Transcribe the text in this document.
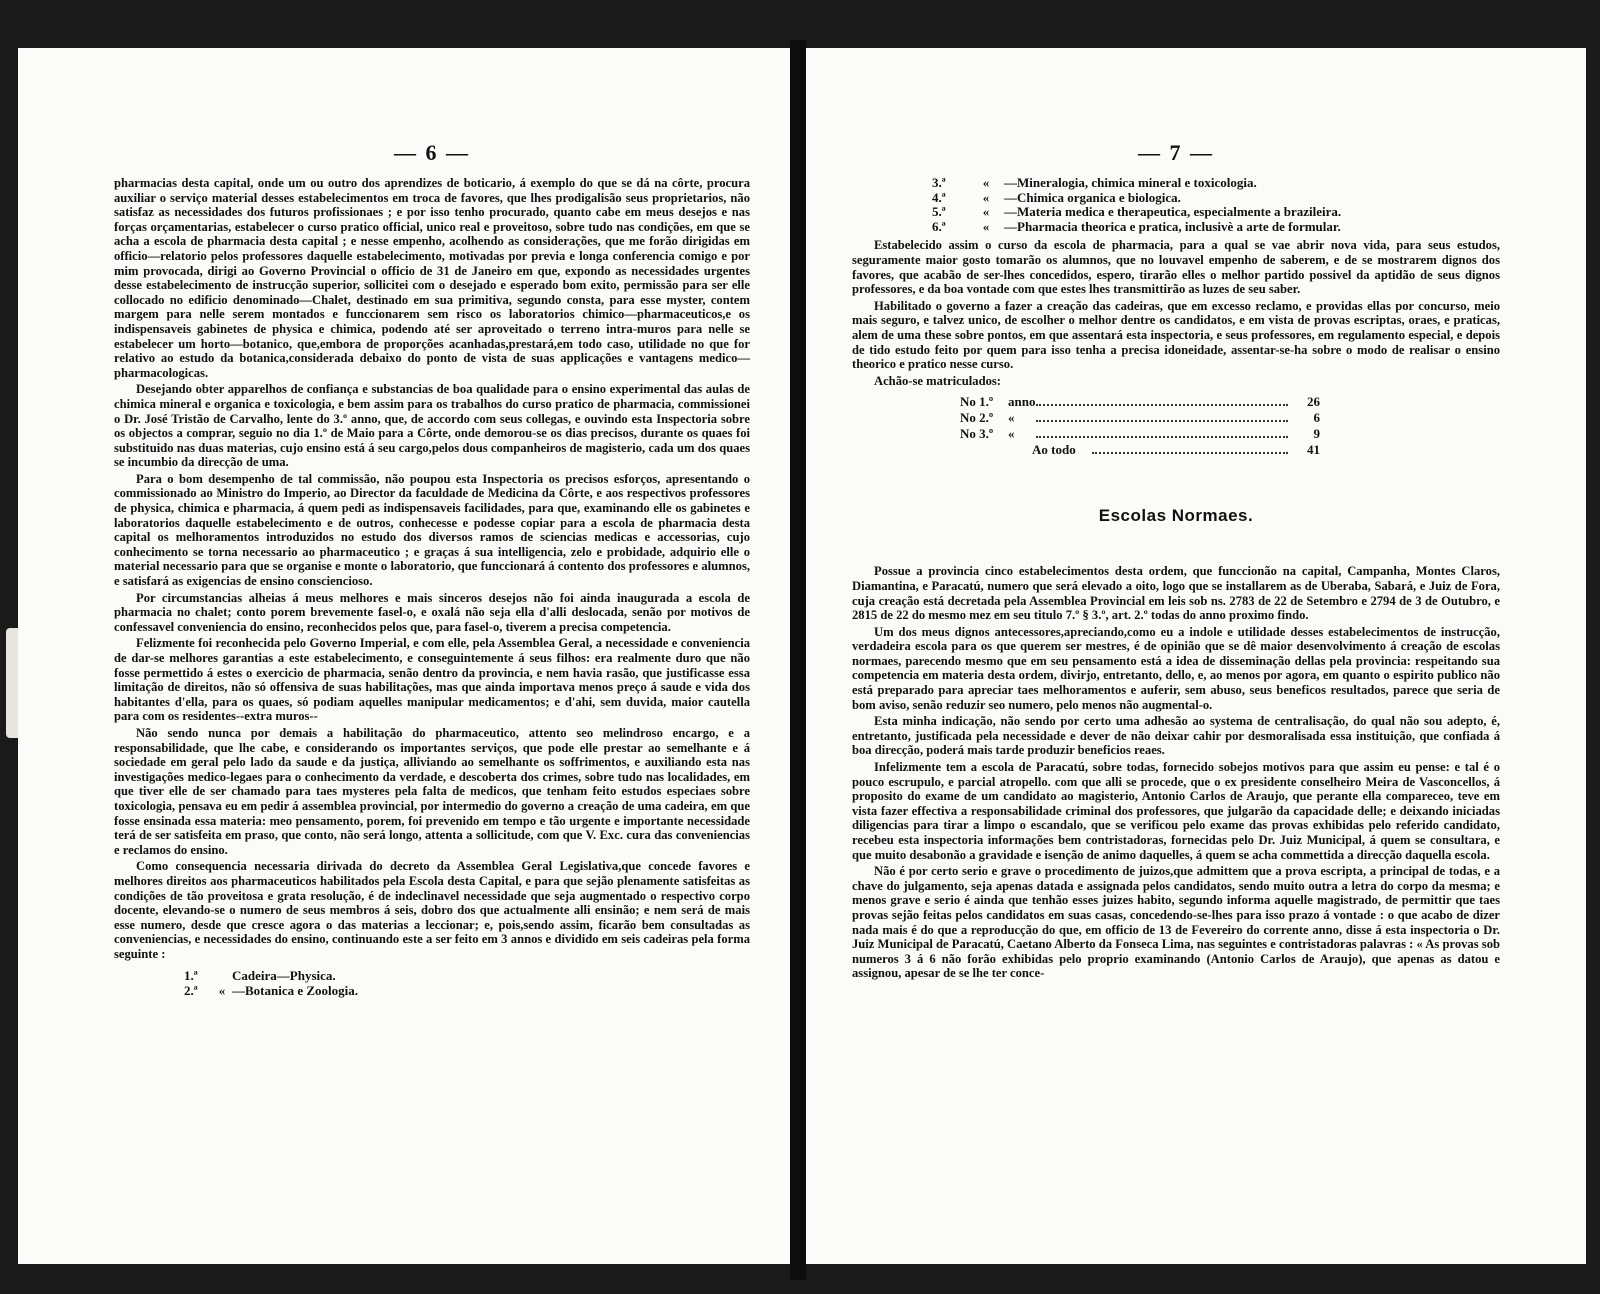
— 6 —

pharmacias desta capital, onde um ou outro dos aprendizes de boticario, á exemplo do que se dá na côrte, procura auxiliar o serviço material desses estabelecimentos em troca de favores, que lhes prodigalisão seus proprietarios, não satisfaz as necessidades dos futuros profissionaes ; e por isso tenho procurado, quanto cabe em meus desejos e nas forças orçamentarias, estabelecer o curso pratico official, unico real e proveitoso, sobre tudo nas condições, em que se acha a escola de pharmacia desta capital ; e nesse empenho, acolhendo as considerações, que me forão dirigidas em officio—relatorio pelos professores daquelle estabelecimento, motivadas por previa e longa conferencia comigo e por mim provocada, dirigi ao Governo Provincial o officio de 31 de Janeiro em que, expondo as necessidades urgentes desse estabelecimento de instrucção superior, sollicitei com o desejado e esperado bom exito, permissão para ser elle collocado no edificio denominado—Chalet, destinado em sua primitiva, segundo consta, para esse myster, contem margem para nelle serem montados e funccionarem sem risco os laboratorios chimico—pharmaceuticos,e os indispensaveis gabinetes de physica e chimica, podendo até ser aproveitado o terreno intra-muros para nelle se estabelecer um horto—botanico, que,embora de proporções acanhadas,prestará,em todo caso, utilidade no que for relativo ao estudo da botanica,considerada debaixo do ponto de vista de suas applicações e vantagens medico—pharmacologicas.

Desejando obter apparelhos de confiança e substancias de boa qualidade para o ensino experimental das aulas de chimica mineral e organica e toxicologia, e bem assim para os trabalhos do curso pratico de pharmacia, commissionei o Dr. José Tristão de Carvalho, lente do 3.º anno, que, de accordo com seus collegas, e ouvindo esta Inspectoria sobre os objectos a comprar, seguio no dia 1.º de Maio para a Côrte, onde demorou-se os dias precisos, durante os quaes foi substituido nas duas materias, cujo ensino está á seu cargo,pelos dous companheiros de magisterio, cada um dos quaes se incumbio da direcção de uma.

Para o bom desempenho de tal commissão, não poupou esta Inspectoria os precisos esforços, apresentando o commissionado ao Ministro do Imperio, ao Director da faculdade de Medicina da Côrte, e aos respectivos professores de physica, chimica e pharmacia, á quem pedi as indispensaveis facilidades, para que, examinando elle os gabinetes e laboratorios daquelle estabelecimento e de outros, conhecesse e podesse copiar para a escola de pharmacia desta capital os melhoramentos introduzidos no estudo dos diversos ramos de sciencias medicas e accessorias, cujo conhecimento se torna necessario ao pharmaceutico ; e graças á sua intelligencia, zelo e probidade, adquirio elle o material necessario para que se organise e monte o laboratorio, que funccionará á contento dos professores e alumnos, e satisfará as exigencias de ensino consciencioso.

Por circumstancias alheias á meus melhores e mais sinceros desejos não foi ainda inaugurada a escola de pharmacia no chalet; conto porem brevemente fasel-o, e oxalá não seja ella d'alli deslocada, senão por motivos de confessavel conveniencia do ensino, reconhecidos pelos que, para fasel-o, tiverem a precisa competencia.

Felizmente foi reconhecida pelo Governo Imperial, e com elle, pela Assemblea Geral, a necessidade e conveniencia de dar-se melhores garantias a este estabelecimento, e conseguintemente á seus filhos: era realmente duro que não fosse permettido á estes o exercicio de pharmacia, senão dentro da provincia, e nem havia rasão, que justificasse essa limitação de direitos, não só offensiva de suas habilitações, mas que ainda importava menos preço á saude e vida dos habitantes d'ella, para os quaes, só podiam aquelles manipular medicamentos; e d'ahi, sem duvida, maior cautella para com os residentes--extra muros--

Não sendo nunca por demais a habilitação do pharmaceutico, attento seo melindroso encargo, e a responsabilidade, que lhe cabe, e considerando os importantes serviços, que pode elle prestar ao semelhante e á sociedade em geral pelo lado da saude e da justiça, alliviando ao semelhante os soffrimentos, e auxiliando esta nas investigações medico-legaes para o conhecimento da verdade, e descoberta dos crimes, sobre tudo nas localidades, em que tiver elle de ser chamado para taes mysteres pela falta de medicos, que tenham feito estudos especiaes sobre toxicologia, pensava eu em pedir á assemblea provincial, por intermedio do governo a creação de uma cadeira, em que fosse ensinada essa materia: meo pensamento, porem, foi prevenido em tempo e tão urgente e importante necessidade terá de ser satisfeita em praso, que conto, não será longo, attenta a sollicitude, com que V. Exc. cura das conveniencias e reclamos do ensino.

Como consequencia necessaria dirivada do decreto da Assemblea Geral Legislativa,que concede favores e melhores direitos aos pharmaceuticos habilitados pela Escola desta Capital, e para que sejão plenamente satisfeitas as condições de tão proveitosa e grata resolução, é de indeclinavel necessidade que seja augmentado o respectivo corpo docente, elevando-se o numero de seus membros á seis, dobro dos que actualmente alli ensinão; e nem será de mais esse numero, desde que cresce agora o das materias a leccionar; e, pois,sendo assim, ficarão bem consultadas as conveniencias, e necessidades do ensino, continuando este a ser feito em 3 annos e dividido em seis cadeiras pela forma seguinte :

1.ª	Cadeira—Physica.
2.ª	« —Botanica e Zoologia.
— 7 —
3.ª	«	—Mineralogia, chimica mineral e toxicologia.
4.ª	«	—Chimica organica e biologica.
5.ª	«	—Materia medica e therapeutica, especialmente a brazileira.
6.ª	«	—Pharmacia theorica e pratica, inclusivè a arte de formular.

Estabelecido assim o curso da escola de pharmacia, para a qual se vae abrir nova vida, para seus estudos, seguramente maior gosto tomarão os alumnos, que no louvavel empenho de saberem, e de se mostrarem dignos dos favores, que acabão de ser-lhes concedidos, espero, tirarão elles o melhor partido possivel da aptidão de seus dignos professores, e da boa vontade com que estes lhes transmittirão as luzes de seu saber.

Habilitado o governo a fazer a creação das cadeiras, que em excesso reclamo, e providas ellas por concurso, meio mais seguro, e talvez unico, de escolher o melhor dentre os candidatos, e em vista de provas escriptas, oraes, e praticas, alem de uma these sobre pontos, em que assentará esta inspectoria, e seus professores, em regulamento especial, e depois de tido estudo feito por quem para isso tenha a precisa idoneidade, assentar-se-ha sobre o modo de realisar o ensino theorico e pratico nesse curso.

Achão-se matriculados:

No 1.º	anno	26
No 2.º	«	6
No 3.º	«	9
Ao todo	41
Escolas Normaes.

Possue a provincia cinco estabelecimentos desta ordem, que funccionão na capital, Campanha, Montes Claros, Diamantina, e Paracatú, numero que será elevado a oito, logo que se installarem as de Uberaba, Sabará, e Juiz de Fora, cuja creação está decretada pela Assemblea Provincial em leis sob ns. 2783 de 22 de Setembro e 2794 de 3 de Outubro, e 2815 de 22 do mesmo mez em seu titulo 7.º § 3.º, art. 2.º todas do anno proximo findo.

Um dos meus dignos antecessores,apreciando,como eu a indole e utilidade desses estabelecimentos de instrucção, verdadeira escola para os que querem ser mestres, é de opinião que se dê maior desenvolvimento á creação de escolas normaes, parecendo mesmo que em seu pensamento está a idea de disseminação dellas pela provincia: respeitando sua competencia em materia desta ordem, divirjo, entretanto, dello, e, ao menos por agora, em quanto o espirito publico não está preparado para apreciar taes melhoramentos e auferir, sem abuso, seus beneficos resultados, parece que seria de bom aviso, senão reduzir seo numero, pelo menos não augmental-o.

Esta minha indicação, não sendo por certo uma adhesão ao systema de centralisação, do qual não sou adepto, é, entretanto, justificada pela necessidade e dever de não deixar cahir por desmoralisada essa instituição, que confiada á boa direcção, poderá mais tarde produzir beneficios reaes.

Infelizmente tem a escola de Paracatú, sobre todas, fornecido sobejos motivos para que assim eu pense: e tal é o pouco escrupulo, e parcial atropello. com que alli se procede, que o ex presidente conselheiro Meira de Vasconcellos, á proposito do exame de um candidato ao magisterio, Antonio Carlos de Araujo, que perante ella compareceo, teve em vista fazer effectiva a responsabilidade criminal dos professores, que julgarão da capacidade delle; e deixando iniciadas diligencias para tirar a limpo o escandalo, que se verificou pelo exame das provas exhibidas pelo referido candidato, recebeu esta inspectoria informações bem contristadoras, fornecidas pelo Dr. Juiz Municipal, á quem se consultara, e que muito desabonão a gravidade e isenção de animo daquelles, á quem se acha commettida a direcção daquella escola.

Não é por certo serio e grave o procedimento de juizos,que admittem que a prova escripta, a principal de todas, e a chave do julgamento, seja apenas datada e assignada pelos candidatos, sendo muito outra a letra do corpo da mesma; e menos grave e serio é ainda que tenhão esses juizes habito, segundo informa aquelle magistrado, de permittir que taes provas sejão feitas pelos candidatos em suas casas, concedendo-se-lhes para isso prazo á vontade : o que acabo de dizer nada mais é do que a reproducção do que, em officio de 13 de Fevereiro do corrente anno, disse á esta inspectoria o Dr. Juiz Municipal de Paracatú, Caetano Alberto da Fonseca Lima, nas seguintes e contristadoras palavras : « As provas sob numeros 3 á 6 não forão exhibidas pelo proprio examinando (Antonio Carlos de Araujo), que apenas as datou e assignou, apesar de se lhe ter conce-
